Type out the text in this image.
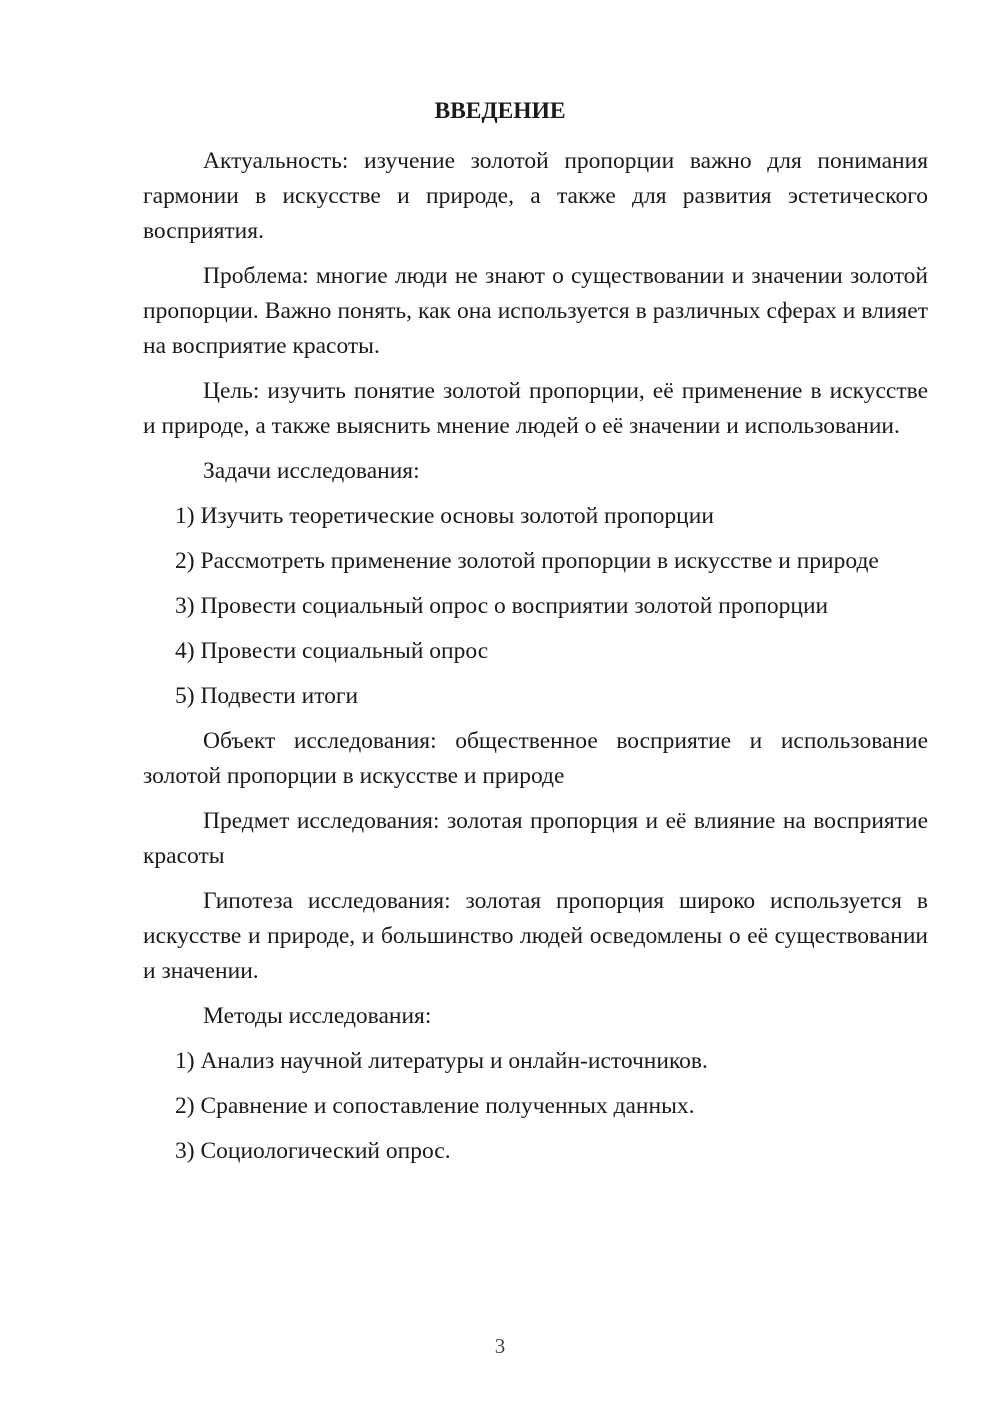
ВВЕДЕНИЕ

Актуальность: изучение золотой пропорции важно для понимания гармонии в искусстве и природе, а также для развития эстетического восприятия.

Проблема: многие люди не знают о существовании и значении золотой пропорции. Важно понять, как она используется в различных сферах и влияет на восприятие красоты.

Цель: изучить понятие золотой пропорции, её применение в искусстве и природе, а также выяснить мнение людей о её значении и использовании.

Задачи исследования:

1) Изучить теоретические основы золотой пропорции

2) Рассмотреть применение золотой пропорции в искусстве и природе

3) Провести социальный опрос о восприятии золотой пропорции

4) Провести социальный опрос

5) Подвести итоги

Объект исследования: общественное восприятие и использование золотой пропорции в искусстве и природе

Предмет исследования: золотая пропорция и её влияние на восприятие красоты

Гипотеза исследования: золотая пропорция широко используется в искусстве и природе, и большинство людей осведомлены о её существовании и значении.

Методы исследования:

1) Анализ научной литературы и онлайн-источников.

2) Сравнение и сопоставление полученных данных.

3) Социологический опрос.

3
